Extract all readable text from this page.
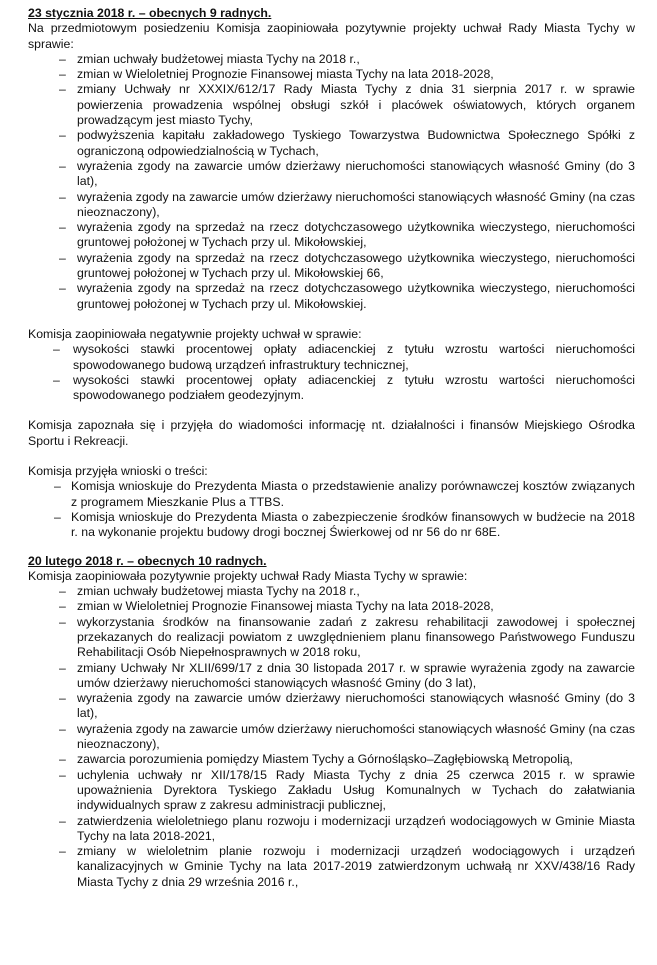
23 stycznia 2018 r. – obecnych 9 radnych.

Na przedmiotowym posiedzeniu Komisja zaopiniowała pozytywnie projekty uchwał Rady Miasta Tychy w sprawie:

– zmian uchwały budżetowej miasta Tychy na 2018 r.,
– zmian w Wieloletniej Prognozie Finansowej miasta Tychy na lata 2018-2028,
– zmiany Uchwały nr XXXIX/612/17 Rady Miasta Tychy z dnia 31 sierpnia 2017 r. w sprawie powierzenia prowadzenia wspólnej obsługi szkół i placówek oświatowych, których organem prowadzącym jest miasto Tychy,
– podwyższenia kapitału zakładowego Tyskiego Towarzystwa Budownictwa Społecznego Spółki z ograniczoną odpowiedzialnością w Tychach,
– wyrażenia zgody na zawarcie umów dzierżawy nieruchomości stanowiących własność Gminy (do 3 lat),
– wyrażenia zgody na zawarcie umów dzierżawy nieruchomości stanowiących własność Gminy (na czas nieoznaczony),
– wyrażenia zgody na sprzedaż na rzecz dotychczasowego użytkownika wieczystego, nieruchomości gruntowej położonej w Tychach przy ul. Mikołowskiej,
– wyrażenia zgody na sprzedaż na rzecz dotychczasowego użytkownika wieczystego, nieruchomości gruntowej położonej w Tychach przy ul. Mikołowskiej 66,
– wyrażenia zgody na sprzedaż na rzecz dotychczasowego użytkownika wieczystego, nieruchomości gruntowej położonej w Tychach przy ul. Mikołowskiej.

Komisja zaopiniowała negatywnie projekty uchwał w sprawie:

– wysokości stawki procentowej opłaty adiacenckiej z tytułu wzrostu wartości nieruchomości spowodowanego budową urządzeń infrastruktury technicznej,
– wysokości stawki procentowej opłaty adiacenckiej z tytułu wzrostu wartości nieruchomości spowodowanego podziałem geodezyjnym.

Komisja zapoznała się i przyjęła do wiadomości informację nt. działalności i finansów Miejskiego Ośrodka Sportu i Rekreacji.

Komisja przyjęła wnioski o treści:

– Komisja wnioskuje do Prezydenta Miasta o przedstawienie analizy porównawczej kosztów związanych z programem Mieszkanie Plus a TTBS.
– Komisja wnioskuje do Prezydenta Miasta o zabezpieczenie środków finansowych w budżecie na 2018 r. na wykonanie projektu budowy drogi bocznej Świerkowej od nr 56 do nr 68E.

20 lutego 2018 r. – obecnych 10 radnych.

Komisja zaopiniowała pozytywnie projekty uchwał Rady Miasta Tychy w sprawie:

– zmian uchwały budżetowej miasta Tychy na 2018 r.,
– zmian w Wieloletniej Prognozie Finansowej miasta Tychy na lata 2018-2028,
– wykorzystania środków na finansowanie zadań z zakresu rehabilitacji zawodowej i społecznej przekazanych do realizacji powiatom z uwzględnieniem planu finansowego Państwowego Funduszu Rehabilitacji Osób Niepełnosprawnych w 2018 roku,
– zmiany Uchwały Nr XLII/699/17 z dnia 30 listopada 2017 r. w sprawie wyrażenia zgody na zawarcie umów dzierżawy nieruchomości stanowiących własność Gminy (do 3 lat),
– wyrażenia zgody na zawarcie umów dzierżawy nieruchomości stanowiących własność Gminy (do 3 lat),
– wyrażenia zgody na zawarcie umów dzierżawy nieruchomości stanowiących własność Gminy (na czas nieoznaczony),
– zawarcia porozumienia pomiędzy Miastem Tychy a Górnośląsko–Zagłębiowską Metropolią,
– uchylenia uchwały nr XII/178/15 Rady Miasta Tychy z dnia 25 czerwca 2015 r. w sprawie upoważnienia Dyrektora Tyskiego Zakładu Usług Komunalnych w Tychach do załatwiania indywidualnych spraw z zakresu administracji publicznej,
– zatwierdzenia wieloletniego planu rozwoju i modernizacji urządzeń wodociągowych w Gminie Miasta Tychy na lata 2018-2021,
– zmiany w wieloletnim planie rozwoju i modernizacji urządzeń wodociągowych i urządzeń kanalizacyjnych w Gminie Tychy na lata 2017-2019 zatwierdzonym uchwałą nr XXV/438/16 Rady Miasta Tychy z dnia 29 września 2016 r.,
